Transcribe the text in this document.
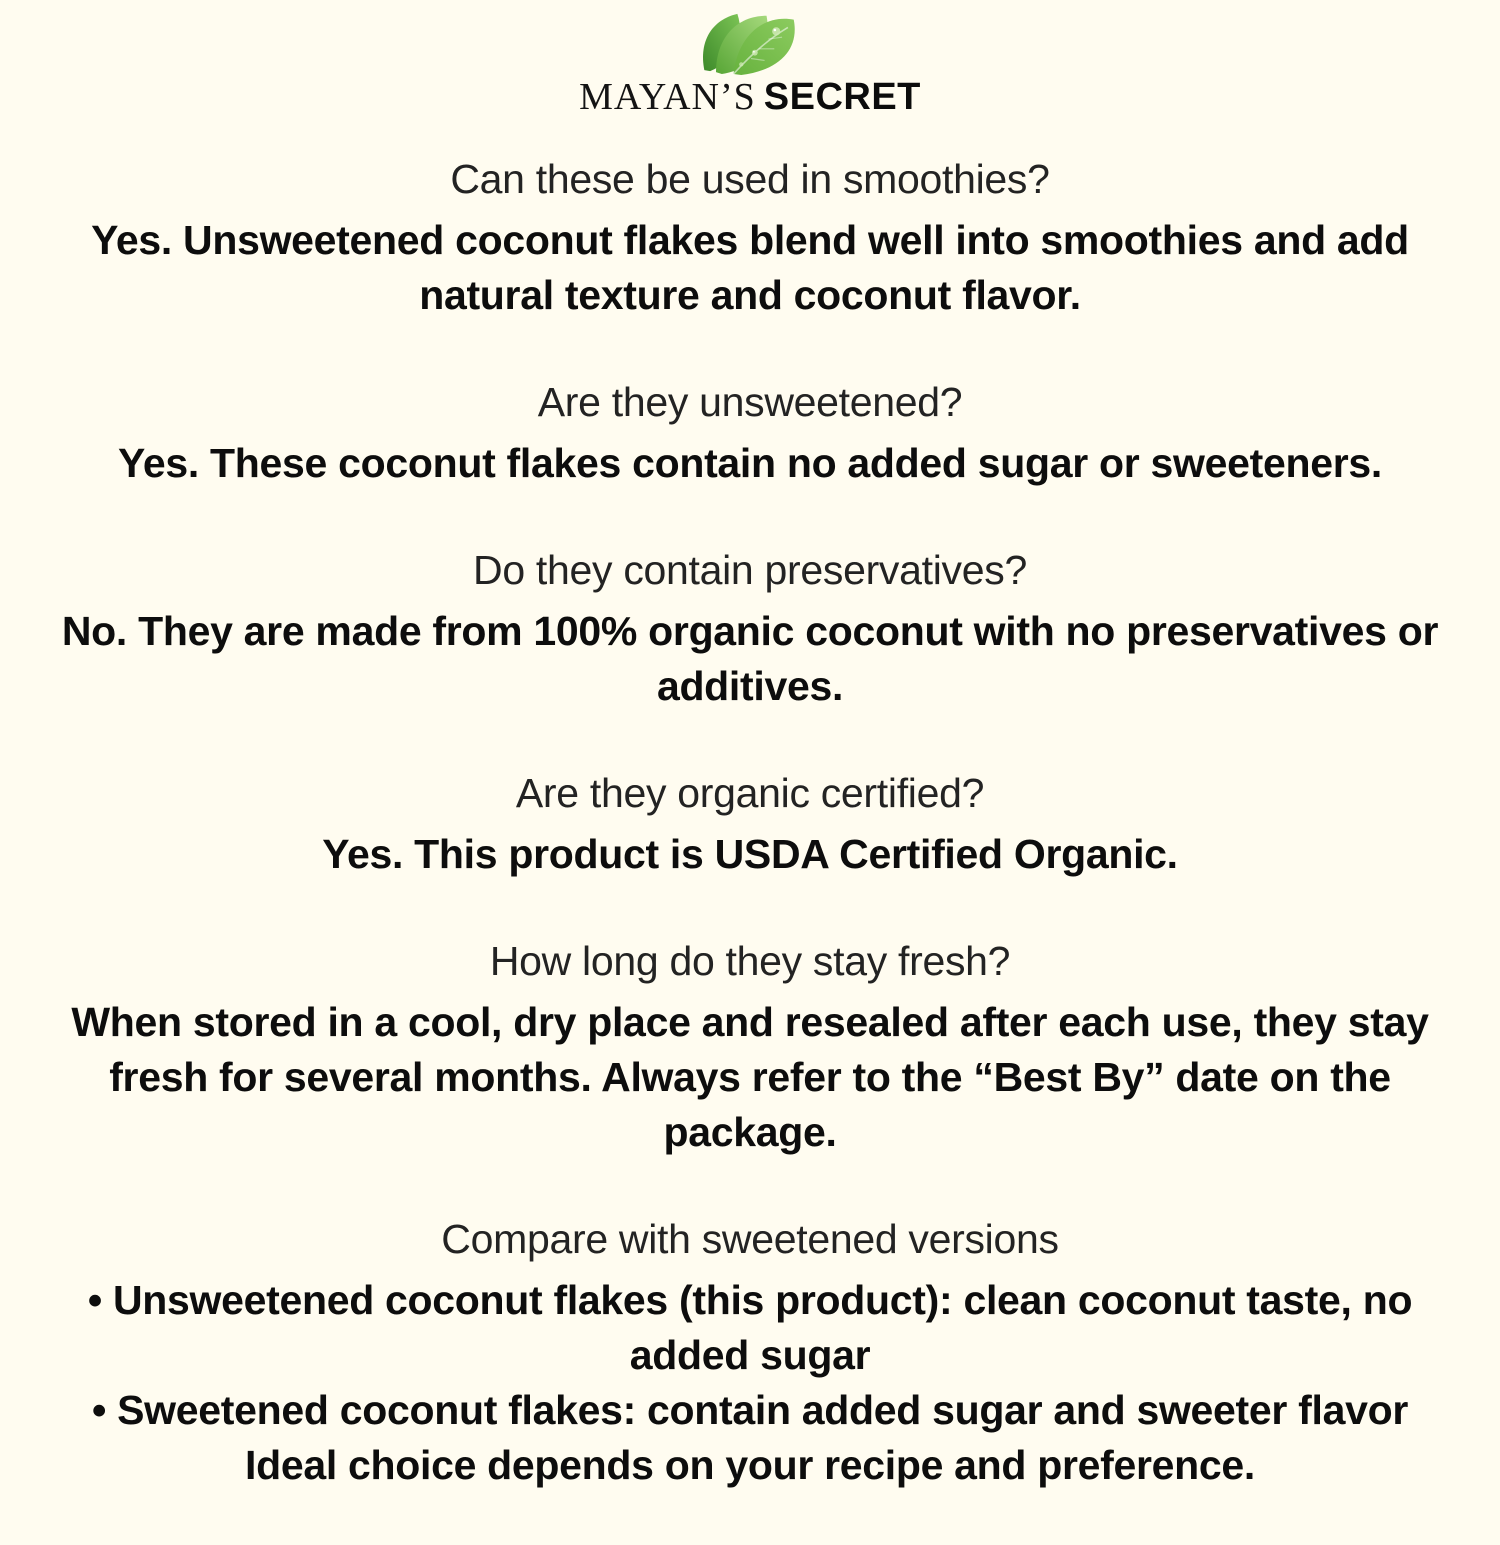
MAYAN’S SECRET

Can these be used in smoothies?

Yes. Unsweetened coconut flakes blend well into smoothies and add natural texture and coconut flavor.

Are they unsweetened?

Yes. These coconut flakes contain no added sugar or sweeteners.

Do they contain preservatives?

No. They are made from 100% organic coconut with no preservatives or additives.

Are they organic certified?

Yes. This product is USDA Certified Organic.

How long do they stay fresh?

When stored in a cool, dry place and resealed after each use, they stay fresh for several months. Always refer to the “Best By” date on the package.

Compare with sweetened versions

• Unsweetened coconut flakes (this product): clean coconut taste, no added sugar

• Sweetened coconut flakes: contain added sugar and sweeter flavor

Ideal choice depends on your recipe and preference.
